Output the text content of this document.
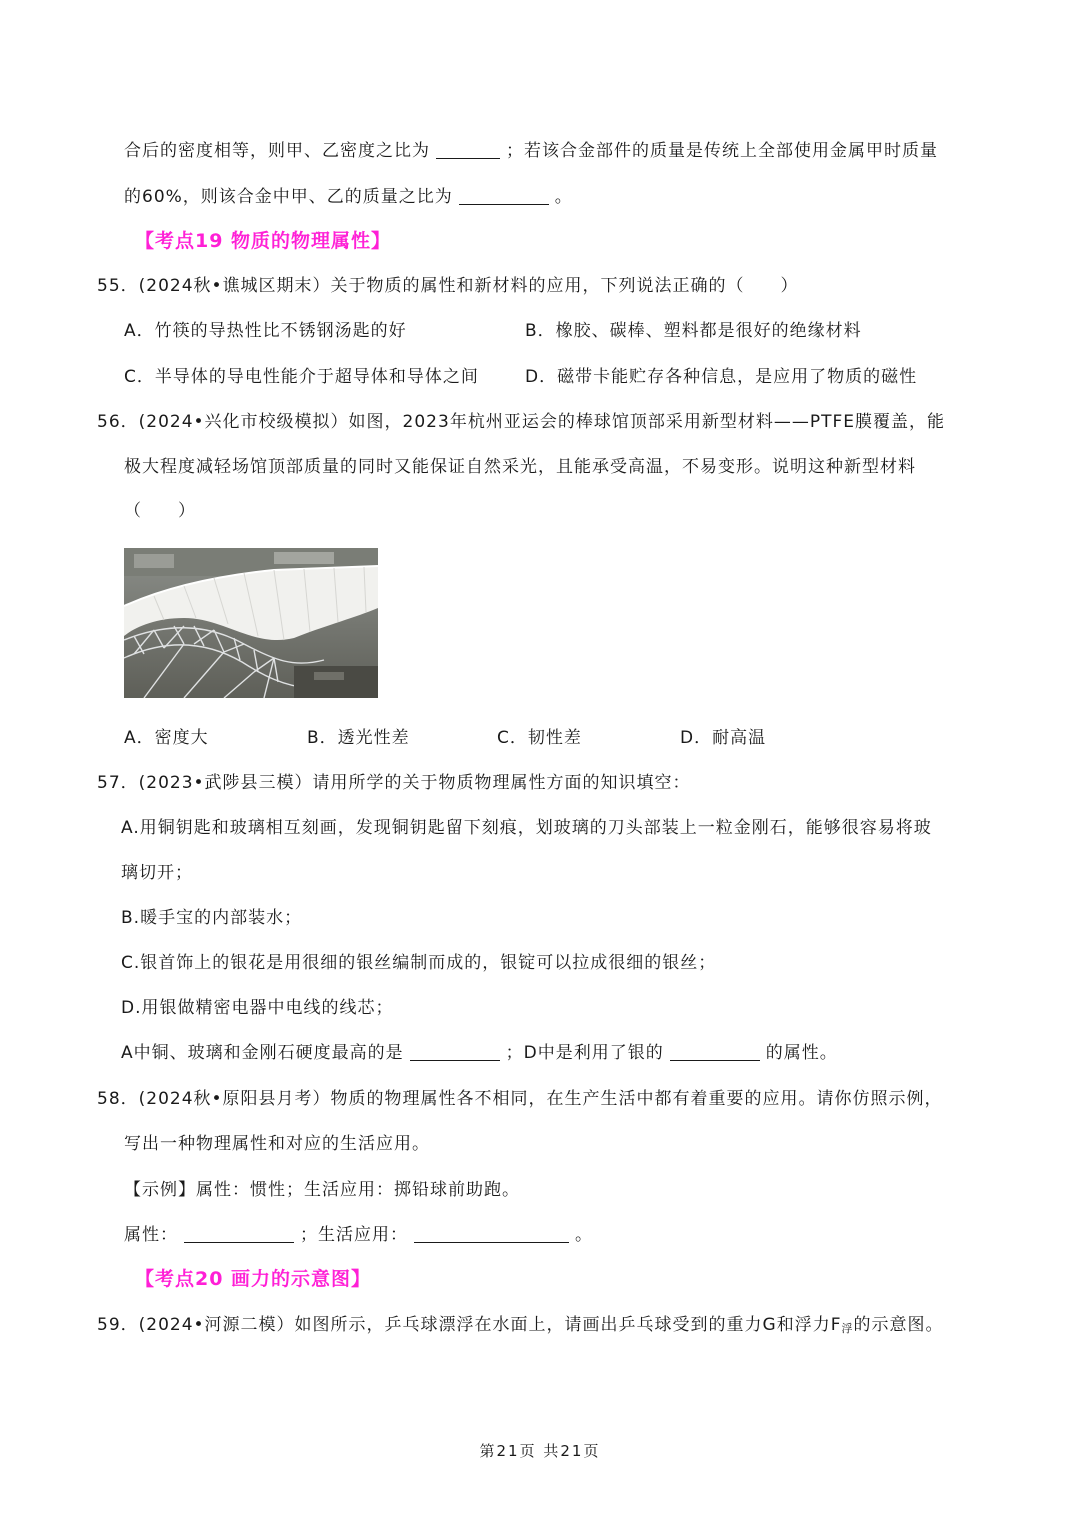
合后的密度相等，则甲、乙密度之比为	；若该合金部件的质量是传统上全部使用金属甲时质量
的60%，则该合金中甲、乙的质量之比为	。
【考点19 物质的物理属性】
55．(2024秋•谯城区期末）关于物质的属性和新材料的应用，下列说法正确的（　　）
A．竹筷的导热性比不锈钢汤匙的好	B．橡胶、碳棒、塑料都是很好的绝缘材料
C．半导体的导电性能介于超导体和导体之间	D．磁带卡能贮存各种信息，是应用了物质的磁性
56．(2024•兴化市校级模拟）如图，2023年杭州亚运会的棒球馆顶部采用新型材料——PTFE膜覆盖，能
极大程度减轻场馆顶部质量的同时又能保证自然采光，且能承受高温，不易变形。说明这种新型材料
（　　）
A．密度大	B．透光性差	C．韧性差	D．耐高温
57．(2023•武陟县三模）请用所学的关于物质物理属性方面的知识填空：
A.用铜钥匙和玻璃相互刻画，发现铜钥匙留下刻痕，划玻璃的刀头部装上一粒金刚石，能够很容易将玻
璃切开；
B.暖手宝的内部装水；
C.银首饰上的银花是用很细的银丝编制而成的，银锭可以拉成很细的银丝；
D.用银做精密电器中电线的线芯；
A中铜、玻璃和金刚石硬度最高的是	；D中是利用了银的	的属性。
58．(2024秋•原阳县月考）物质的物理属性各不相同，在生产生活中都有着重要的应用。请你仿照示例，
写出一种物理属性和对应的生活应用。
【示例】属性：惯性；生活应用：掷铅球前助跑。
属性：	；生活应用：	。
【考点20 画力的示意图】
59．(2024•河源二模）如图所示，乒乓球漂浮在水面上，请画出乒乓球受到的重力G和浮力$F_浮$的示意图。
第21页 共21页
